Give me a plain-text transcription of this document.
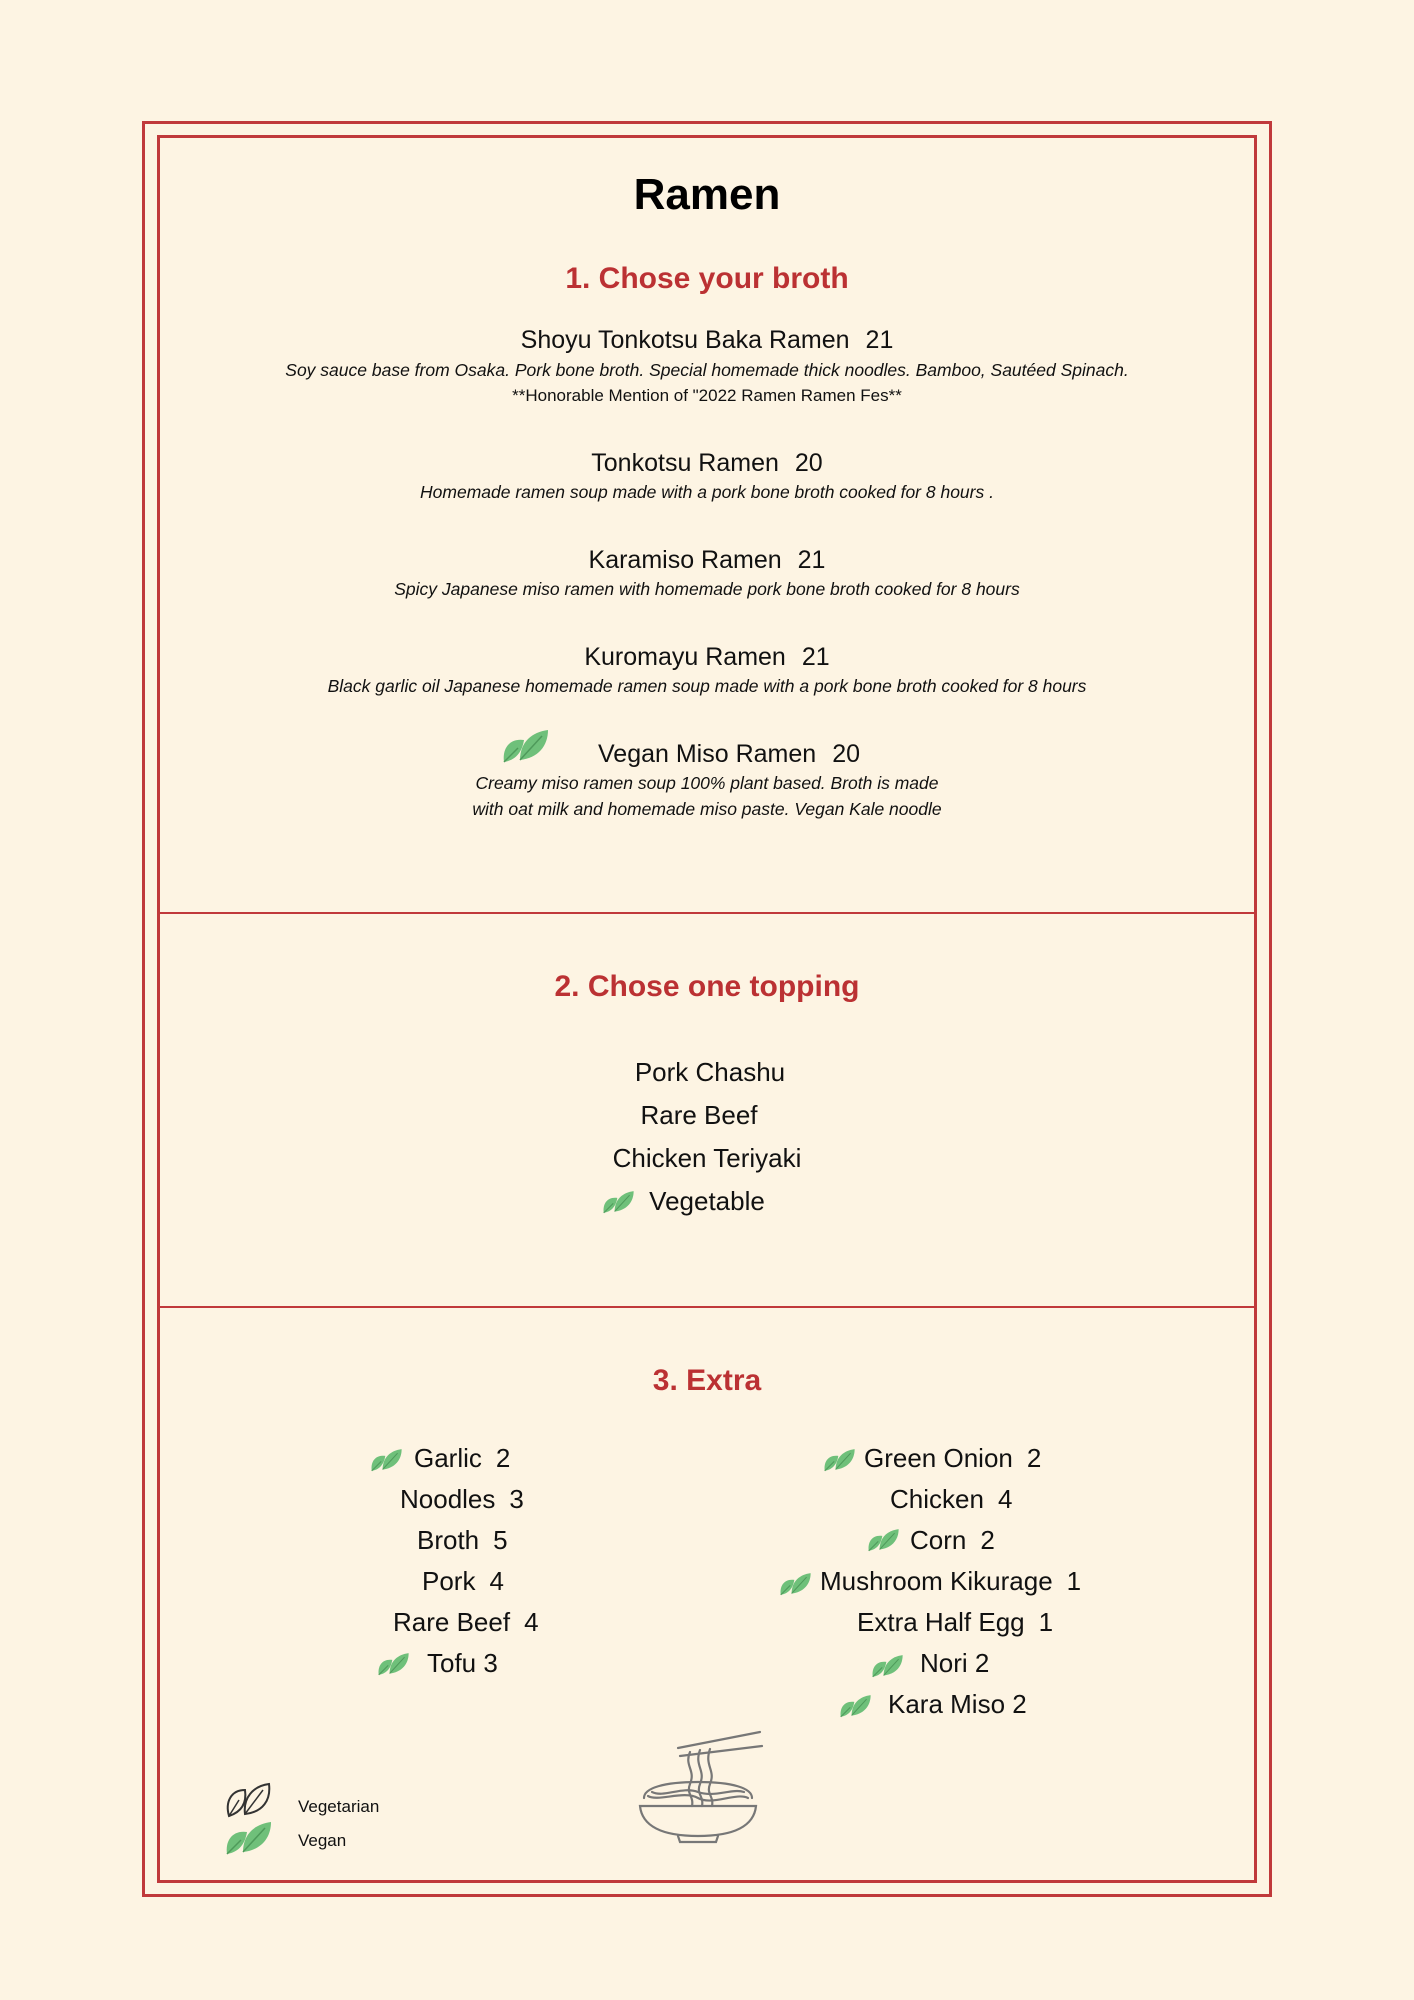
Ramen
1. Chose your broth
Shoyu Tonkotsu Baka Ramen 21
Soy sauce base from Osaka. Pork bone broth. Special homemade thick noodles. Bamboo, Sautéed Spinach.
**Honorable Mention of "2022 Ramen Ramen Fes**
Tonkotsu Ramen 20
Homemade ramen soup made with a pork bone broth cooked for 8 hours .
Karamiso Ramen 21
Spicy Japanese miso ramen with homemade pork bone broth cooked for 8 hours
Kuromayu Ramen 21
Black garlic oil Japanese homemade ramen soup made with a pork bone broth cooked for 8 hours
Vegan Miso Ramen 20
Creamy miso ramen soup 100% plant based. Broth is made
with oat milk and homemade miso paste. Vegan Kale noodle
2. Chose one topping
Pork Chashu
Rare Beef
Chicken Teriyaki
Vegetable
3. Extra
Garlic 2
Noodles 3
Broth 5
Pork 4
Rare Beef 4
Tofu 3
Green Onion 2
Chicken 4
Corn 2
Mushroom Kikurage 1
Extra Half Egg 1
Nori 2
Kara Miso 2
Vegetarian
Vegan
